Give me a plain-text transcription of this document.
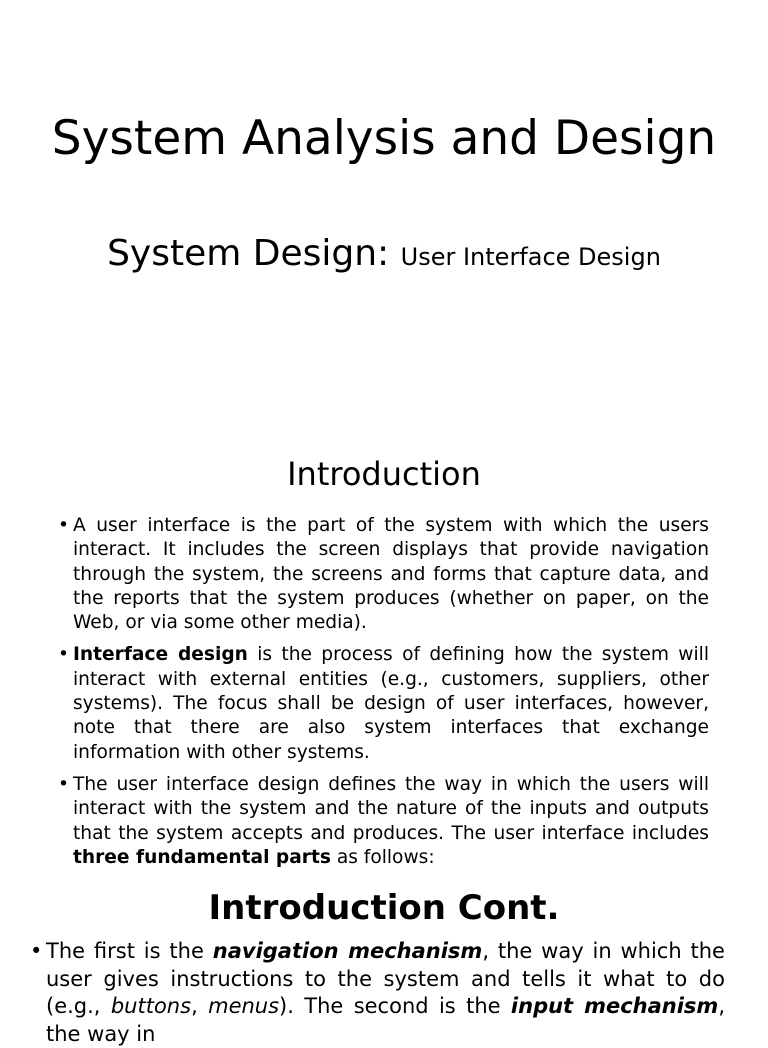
System Analysis and Design
System Design: User Interface Design
Introduction
• A user interface is the part of the system with which the users interact. It includes the screen displays that provide navigation through the system, the screens and forms that capture data, and the reports that the system produces (whether on paper, on the Web, or via some other media).
• Interface design is the process of defining how the system will interact with external entities (e.g., customers, suppliers, other systems). The focus shall be design of user interfaces, however, note that there are also system interfaces that exchange information with other systems.
• The user interface design defines the way in which the users will interact with the system and the nature of the inputs and outputs that the system accepts and produces. The user interface includes three fundamental parts as follows:
Introduction Cont.
• The first is the navigation mechanism, the way in which the user gives instructions to the system and tells it what to do (e.g., buttons, menus). The second is the input mechanism, the way in
